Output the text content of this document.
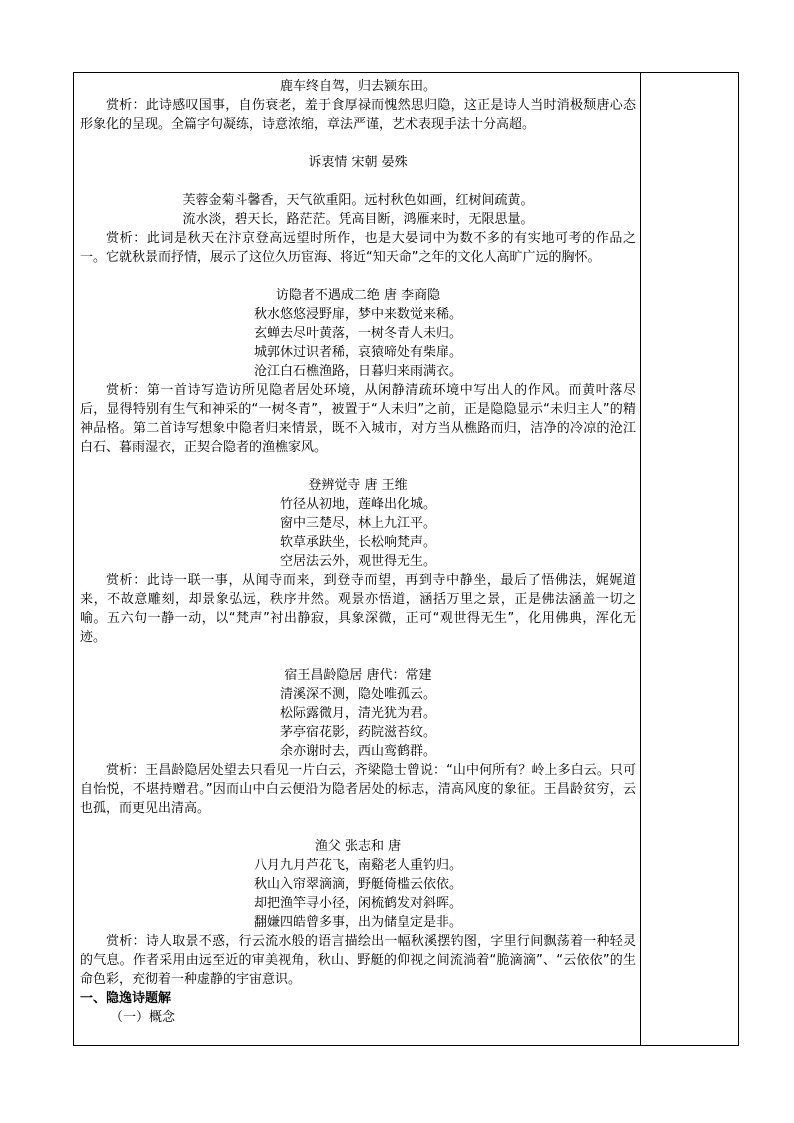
鹿车终自驾，归去颍东田。
赏析：此诗感叹国事，自伤衰老，羞于食厚禄而愧然思归隐，这正是诗人当时消极颓唐心态形象化的呈现。全篇字句凝练，诗意浓缩，章法严谨，艺术表现手法十分高超。
诉衷情 宋朝 晏殊
芙蓉金菊斗馨香，天气欲重阳。远村秋色如画，红树间疏黄。
流水淡，碧天长，路茫茫。凭高目断，鸿雁来时，无限思量。
赏析：此词是秋天在汴京登高远望时所作，也是大晏词中为数不多的有实地可考的作品之一。它就秋景而抒情，展示了这位久历宦海、将近“知天命”之年的文化人高旷广远的胸怀。
访隐者不遇成二绝 唐 李商隐
秋水悠悠浸野扉，梦中来数觉来稀。
玄蝉去尽叶黄落，一树冬青人未归。
城郭休过识者稀，哀猿啼处有柴扉。
沧江白石樵渔路，日暮归来雨满衣。
赏析：第一首诗写造访所见隐者居处环境，从闲静清疏环境中写出人的作风。而黄叶落尽后，显得特别有生气和神采的“一树冬青”，被置于“人未归”之前，正是隐隐显示“未归主人”的精神品格。第二首诗写想象中隐者归来情景，既不入城市，对方当从樵路而归，洁净的冷凉的沧江白石、暮雨湿衣，正契合隐者的渔樵家风。
登辨觉寺 唐 王维
竹径从初地，莲峰出化城。
窗中三楚尽，林上九江平。
软草承趺坐，长松响梵声。
空居法云外，观世得无生。
赏析：此诗一联一事，从闻寺而来，到登寺而望，再到寺中静坐，最后了悟佛法，娓娓道来，不故意雕刻，却景象弘远，秩序井然。观景亦悟道，涵括万里之景，正是佛法涵盖一切之喻。五六句一静一动，以“梵声”衬出静寂，具象深微，正可“观世得无生”，化用佛典，浑化无迹。
宿王昌龄隐居 唐代：常建
清溪深不测，隐处唯孤云。
松际露微月，清光犹为君。
茅亭宿花影，药院滋苔纹。
余亦谢时去，西山鸾鹤群。
赏析：王昌龄隐居处望去只看见一片白云，齐梁隐士曾说：“山中何所有？岭上多白云。只可自怡悦，不堪持赠君。”因而山中白云便沿为隐者居处的标志，清高风度的象征。王昌龄贫穷，云也孤，而更见出清高。
渔父 张志和 唐
八月九月芦花飞，南谿老人重钓归。
秋山入帘翠滴滴，野艇倚槛云依依。
却把渔竿寻小径，闲梳鹤发对斜晖。
翻嫌四皓曾多事，出为储皇定是非。
赏析：诗人取景不惑，行云流水般的语言描绘出一幅秋溪摆钓图，字里行间飘荡着一种轻灵的气息。作者采用由远至近的审美视角，秋山、野艇的仰视之间流淌着“脆滴滴”、“云依依”的生命色彩，充彻着一种虚静的宇宙意识。
一、隐逸诗题解
（一）概念
